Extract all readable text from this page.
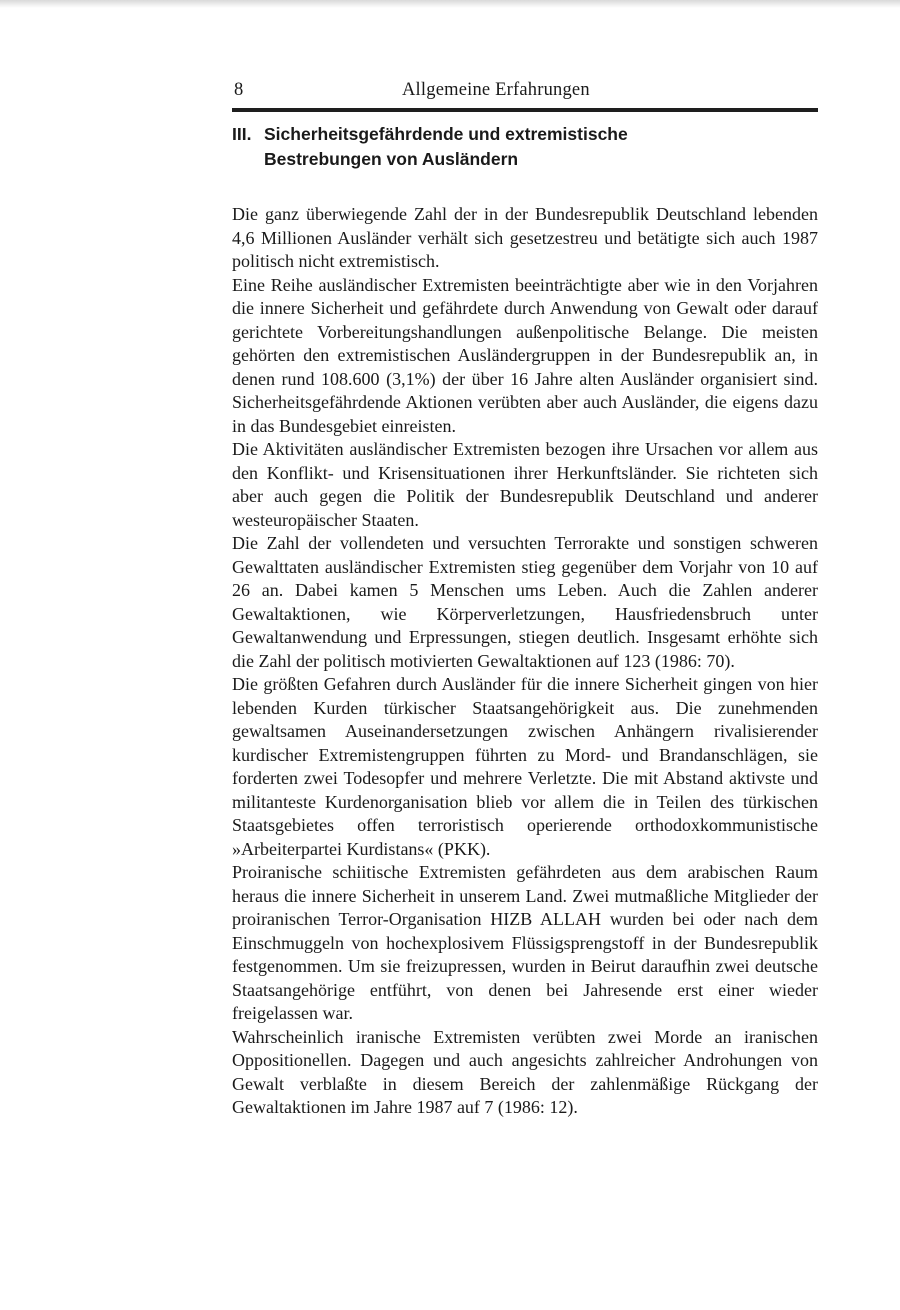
8	Allgemeine Erfahrungen
III. Sicherheitsgefährdende und extremistische Bestrebungen von Ausländern

Die ganz überwiegende Zahl der in der Bundesrepublik Deutschland lebenden 4,6 Millionen Ausländer verhält sich gesetzestreu und betätigte sich auch 1987 politisch nicht extremistisch.

Eine Reihe ausländischer Extremisten beeinträchtigte aber wie in den Vorjahren die innere Sicherheit und gefährdete durch Anwendung von Gewalt oder darauf gerichtete Vorbereitungshandlungen außenpolitische Belange. Die meisten gehörten den extremistischen Ausländergruppen in der Bundesrepublik an, in denen rund 108.600 (3,1%) der über 16 Jahre alten Ausländer organisiert sind. Sicherheitsgefährdende Aktionen verübten aber auch Ausländer, die eigens dazu in das Bundesgebiet einreisten.

Die Aktivitäten ausländischer Extremisten bezogen ihre Ursachen vor allem aus den Konflikt- und Krisensituationen ihrer Herkunftsländer. Sie richteten sich aber auch gegen die Politik der Bundesrepublik Deutschland und anderer westeuropäischer Staaten.

Die Zahl der vollendeten und versuchten Terrorakte und sonstigen schweren Gewalttaten ausländischer Extremisten stieg gegenüber dem Vorjahr von 10 auf 26 an. Dabei kamen 5 Menschen ums Leben. Auch die Zahlen anderer Gewaltaktionen, wie Körperverletzungen, Hausfriedensbruch unter Gewaltanwendung und Erpressungen, stiegen deutlich. Insgesamt erhöhte sich die Zahl der politisch motivierten Gewaltaktionen auf 123 (1986: 70).

Die größten Gefahren durch Ausländer für die innere Sicherheit gingen von hier lebenden Kurden türkischer Staatsangehörigkeit aus. Die zunehmenden gewaltsamen Auseinandersetzungen zwischen Anhängern rivalisierender kurdischer Extremistengruppen führten zu Mord- und Brandanschlägen, sie forderten zwei Todesopfer und mehrere Verletzte. Die mit Abstand aktivste und militanteste Kurdenorganisation blieb vor allem die in Teilen des türkischen Staatsgebietes offen terroristisch operierende orthodoxkommunistische »Arbeiterpartei Kurdistans« (PKK).

Proiranische schiitische Extremisten gefährdeten aus dem arabischen Raum heraus die innere Sicherheit in unserem Land. Zwei mutmaßliche Mitglieder der proiranischen Terror-Organisation HIZB ALLAH wurden bei oder nach dem Einschmuggeln von hochexplosivem Flüssigsprengstoff in der Bundesrepublik festgenommen. Um sie freizupressen, wurden in Beirut daraufhin zwei deutsche Staatsangehörige entführt, von denen bei Jahresende erst einer wieder freigelassen war.

Wahrscheinlich iranische Extremisten verübten zwei Morde an iranischen Oppositionellen. Dagegen und auch angesichts zahlreicher Androhungen von Gewalt verblaßte in diesem Bereich der zahlenmäßige Rückgang der Gewaltaktionen im Jahre 1987 auf 7 (1986: 12).
